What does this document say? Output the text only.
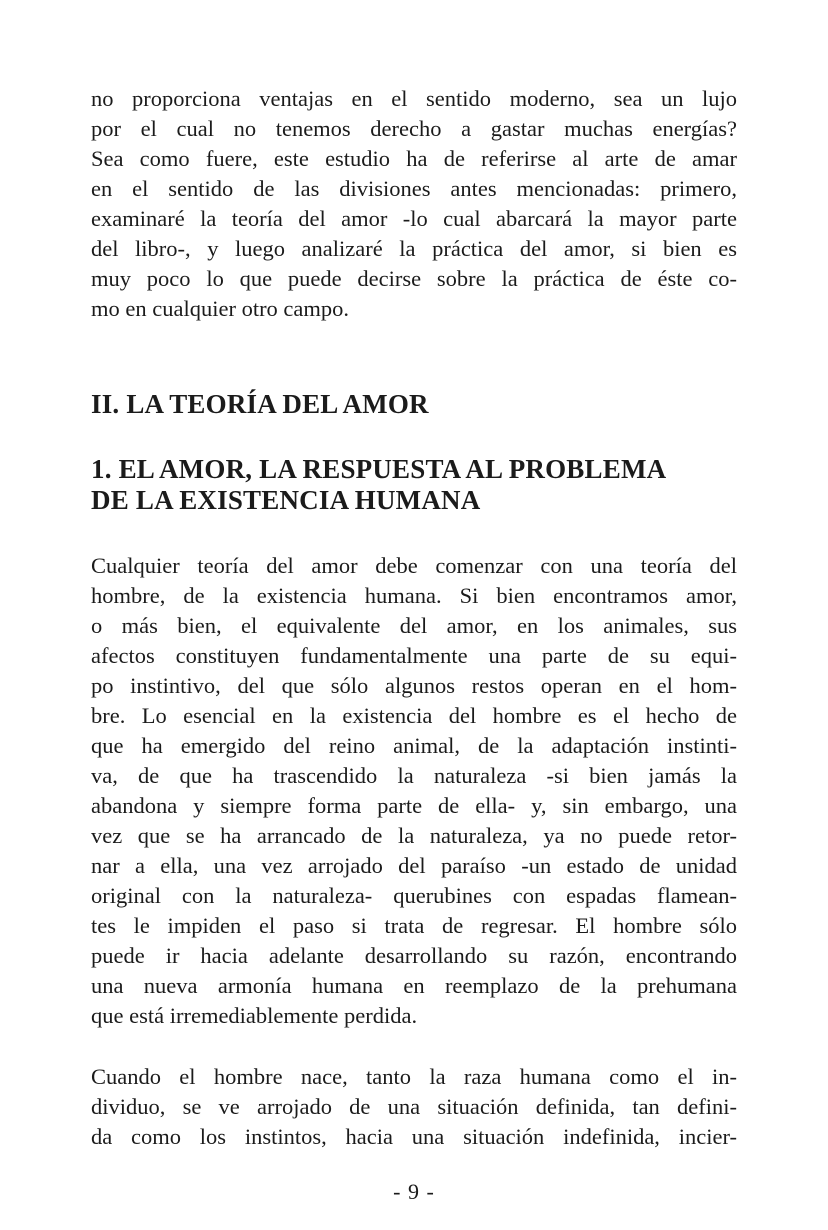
no proporciona ventajas en el sentido moderno, sea un lujo
por el cual no tenemos derecho a gastar muchas energías?
Sea como fuere, este estudio ha de referirse al arte de amar
en el sentido de las divisiones antes mencionadas: primero,
examinaré la teoría del amor -lo cual abarcará la mayor parte
del libro-, y luego analizaré la práctica del amor, si bien es
muy poco lo que puede decirse sobre la práctica de éste co-
mo en cualquier otro campo.
II. LA TEORÍA DEL AMOR
1. EL AMOR, LA RESPUESTA AL PROBLEMA
DE LA EXISTENCIA HUMANA
Cualquier teoría del amor debe comenzar con una teoría del
hombre, de la existencia humana. Si bien encontramos amor,
o más bien, el equivalente del amor, en los animales, sus
afectos constituyen fundamentalmente una parte de su equi-
po instintivo, del que sólo algunos restos operan en el hom-
bre. Lo esencial en la existencia del hombre es el hecho de
que ha emergido del reino animal, de la adaptación instinti-
va, de que ha trascendido la naturaleza -si bien jamás la
abandona y siempre forma parte de ella- y, sin embargo, una
vez que se ha arrancado de la naturaleza, ya no puede retor-
nar a ella, una vez arrojado del paraíso -un estado de unidad
original con la naturaleza- querubines con espadas flamean-
tes le impiden el paso si trata de regresar. El hombre sólo
puede ir hacia adelante desarrollando su razón, encontrando
una nueva armonía humana en reemplazo de la prehumana
que está irremediablemente perdida.
Cuando el hombre nace, tanto la raza humana como el in-
dividuo, se ve arrojado de una situación definida, tan defini-
da como los instintos, hacia una situación indefinida, incier-
- 9 -
